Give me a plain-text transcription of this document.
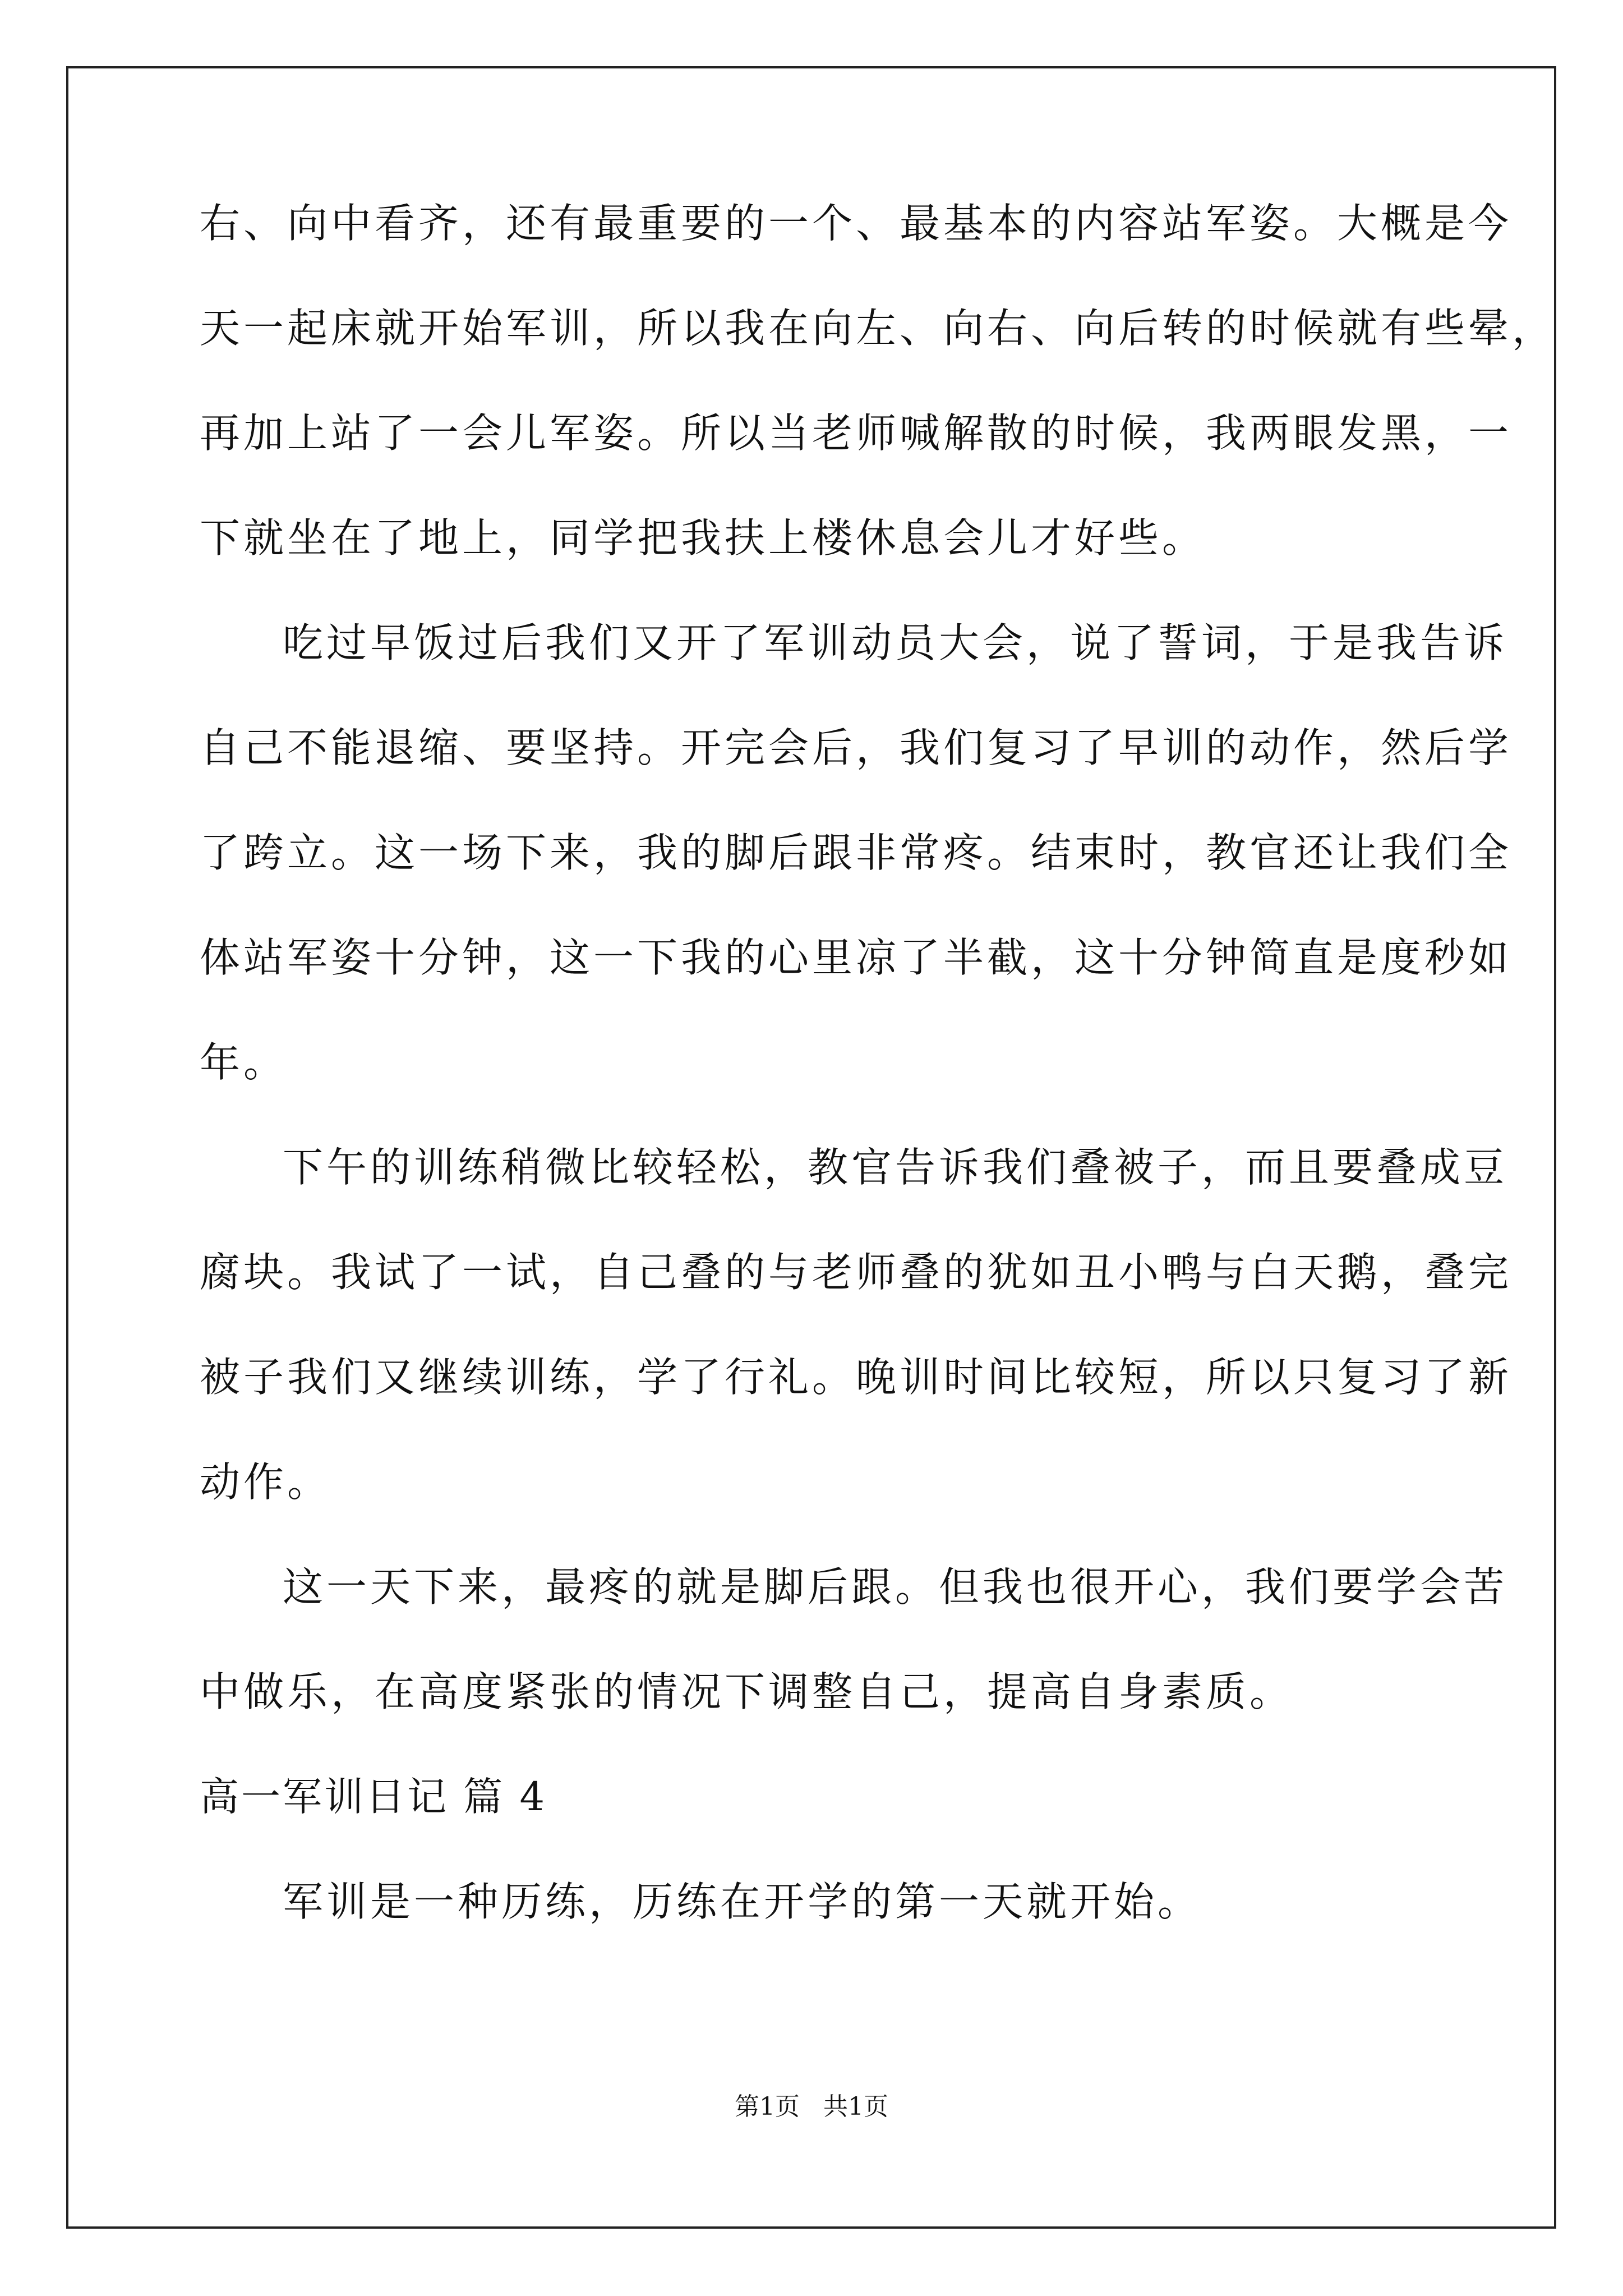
右、向中看齐，还有最重要的一个、最基本的内容站军姿。大概是今

天一起床就开始军训，所以我在向左、向右、向后转的时候就有些晕，

再加上站了一会儿军姿。所以当老师喊解散的时候，我两眼发黑，一

下就坐在了地上，同学把我扶上楼休息会儿才好些。

吃过早饭过后我们又开了军训动员大会，说了誓词，于是我告诉

自己不能退缩、要坚持。开完会后，我们复习了早训的动作，然后学

了跨立。这一场下来，我的脚后跟非常疼。结束时，教官还让我们全

体站军姿十分钟，这一下我的心里凉了半截，这十分钟简直是度秒如

年。

下午的训练稍微比较轻松，教官告诉我们叠被子，而且要叠成豆

腐块。我试了一试，自己叠的与老师叠的犹如丑小鸭与白天鹅，叠完

被子我们又继续训练，学了行礼。晚训时间比较短，所以只复习了新

动作。

这一天下来，最疼的就是脚后跟。但我也很开心，我们要学会苦

中做乐，在高度紧张的情况下调整自己，提高自身素质。

高一军训日记 篇 4

军训是一种历练，历练在开学的第一天就开始。

第1页 共1页
